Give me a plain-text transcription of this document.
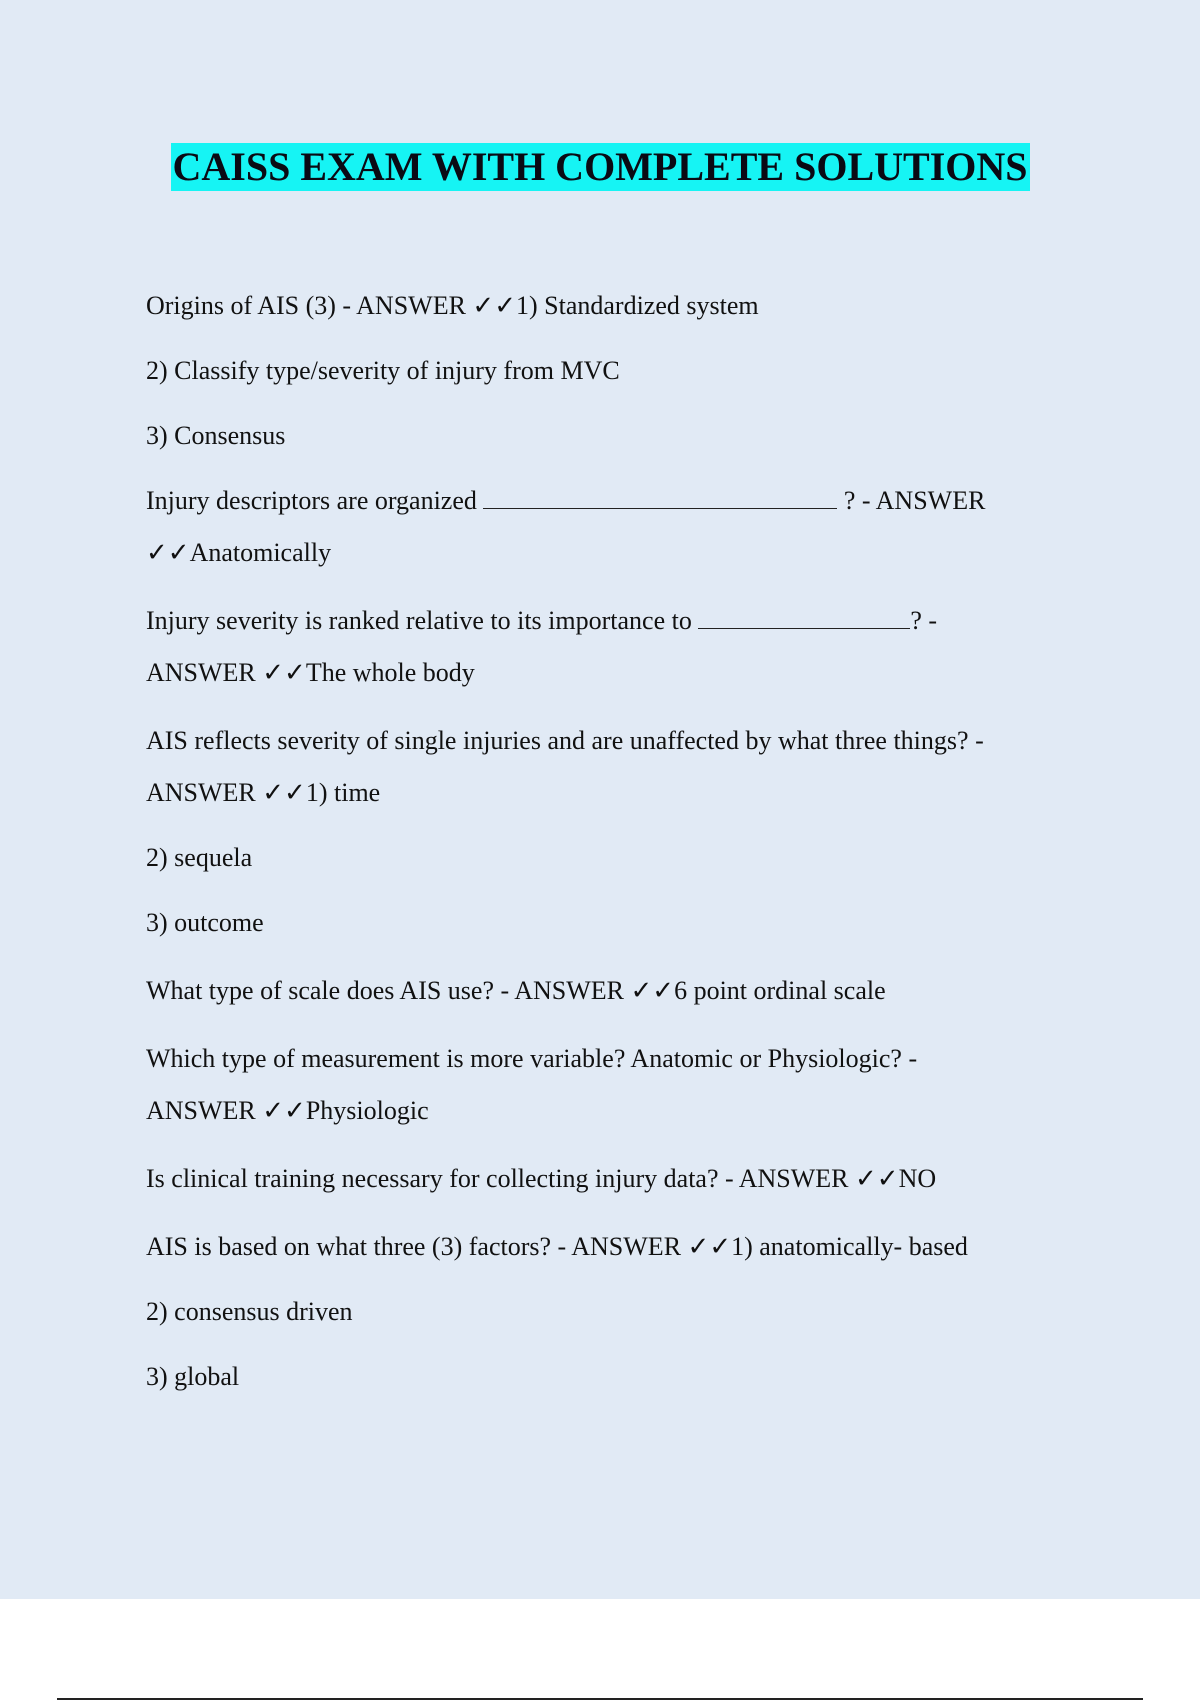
CAISS EXAM WITH COMPLETE SOLUTIONS
Origins of AIS (3) - ANSWER ✓✓1) Standardized system
2) Classify type/severity of injury from MVC
3) Consensus
Injury descriptors are organized	? - ANSWER
✓✓Anatomically
Injury severity is ranked relative to its importance to	? -
ANSWER ✓✓The whole body
AIS reflects severity of single injuries and are unaffected by what three things? -
ANSWER ✓✓1) time
2) sequela
3) outcome
What type of scale does AIS use? - ANSWER ✓✓6 point ordinal scale
Which type of measurement is more variable? Anatomic or Physiologic? -
ANSWER ✓✓Physiologic
Is clinical training necessary for collecting injury data? - ANSWER ✓✓NO
AIS is based on what three (3) factors? - ANSWER ✓✓1) anatomically- based
2) consensus driven
3) global
